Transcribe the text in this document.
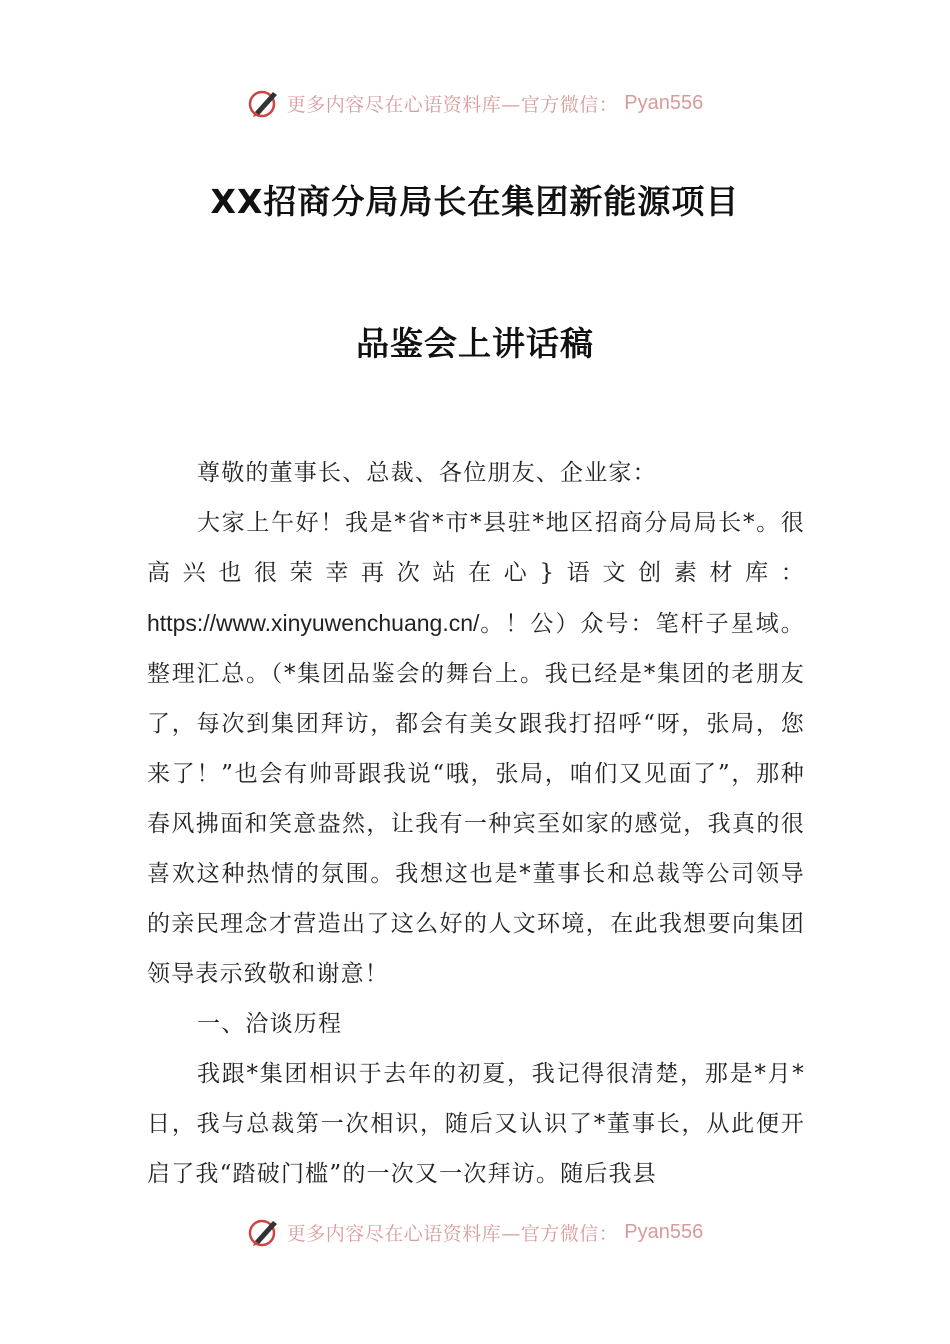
更多内容尽在心语资料库—官方微信： Pyan556
XX招商分局局长在集团新能源项目
品鉴会上讲话稿

尊敬的董事长、总裁、各位朋友、企业家：

大家上午好！我是*省*市*县驻*地区招商分局局长*。很高兴也很荣幸再次站在心}语文创素材库：https://www.xinyuwenchuang.cn/。！公）众号：笔杆子星域。整理汇总。（*集团品鉴会的舞台上。我已经是*集团的老朋友了，每次到集团拜访，都会有美女跟我打招呼“呀，张局，您来了！”也会有帅哥跟我说“哦，张局，咱们又见面了”，那种春风拂面和笑意盎然，让我有一种宾至如家的感觉，我真的很喜欢这种热情的氛围。我想这也是*董事长和总裁等公司领导的亲民理念才营造出了这么好的人文环境，在此我想要向集团领导表示致敬和谢意！

一、洽谈历程

我跟*集团相识于去年的初夏，我记得很清楚，那是*月*日，我与总裁第一次相识，随后又认识了*董事长，从此便开启了我“踏破门槛”的一次又一次拜访。随后我县

更多内容尽在心语资料库—官方微信： Pyan556
